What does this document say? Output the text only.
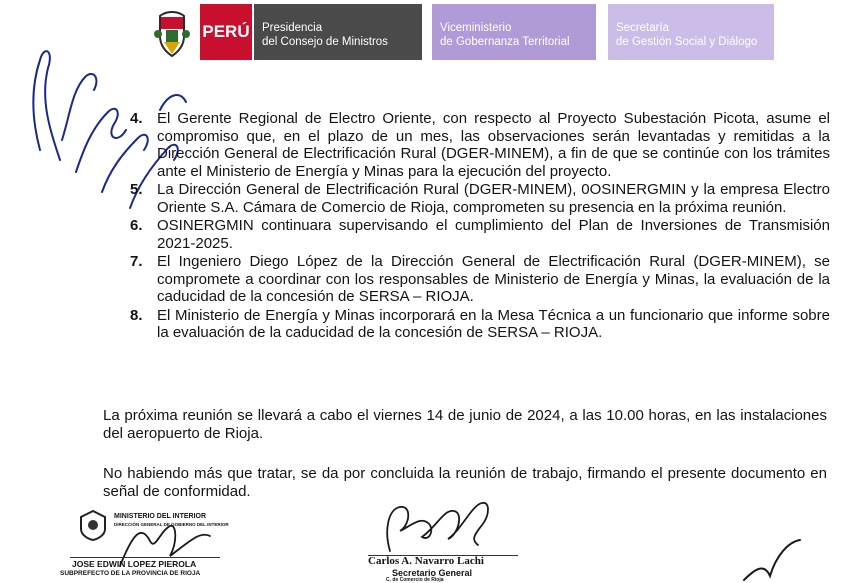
PERÚ Presidencia
del Consejo de Ministros
Viceministerio
de Gobernanza Territorial
Secretaría
de Gestión Social y Diálogo
4. El Gerente Regional de Electro Oriente, con respecto al Proyecto Subestación Picota, asume el compromiso que, en el plazo de un mes, las observaciones serán levantadas y remitidas a la Dirección General de Electrificación Rural (DGER-MINEM), a fin de que se continúe con los trámites ante el Ministerio de Energía y Minas para la ejecución del proyecto.

5. La Dirección General de Electrificación Rural (DGER-MINEM), 0OSINERGMIN y la empresa Electro Oriente S.A. Cámara de Comercio de Rioja, comprometen su presencia en la próxima reunión.

6. OSINERGMIN continuara supervisando el cumplimiento del Plan de Inversiones de Transmisión 2021-2025.

7. El Ingeniero Diego López de la Dirección General de Electrificación Rural (DGER-MINEM), se compromete a coordinar con los responsables de Ministerio de Energía y Minas, la evaluación de la caducidad de la concesión de SERSA – RIOJA.

8. El Ministerio de Energía y Minas incorporará en la Mesa Técnica a un funcionario que informe sobre la evaluación de la caducidad de la concesión de SERSA – RIOJA.

La próxima reunión se llevará a cabo el viernes 14 de junio de 2024, a las 10.00 horas, en las instalaciones del aeropuerto de Rioja.

No habiendo más que tratar, se da por concluida la reunión de trabajo, firmando el presente documento en señal de conformidad.

MINISTERIO DEL INTERIOR
DIRECCIÓN GENERAL DE GOBIERNO DEL INTERIOR
JOSE EDWIN LOPEZ PIEROLA
SUBPREFECTO DE LA PROVINCIA DE RIOJA
Carlos A. Navarro Lachi
Secretario General
C. de Comercio de Rioja
